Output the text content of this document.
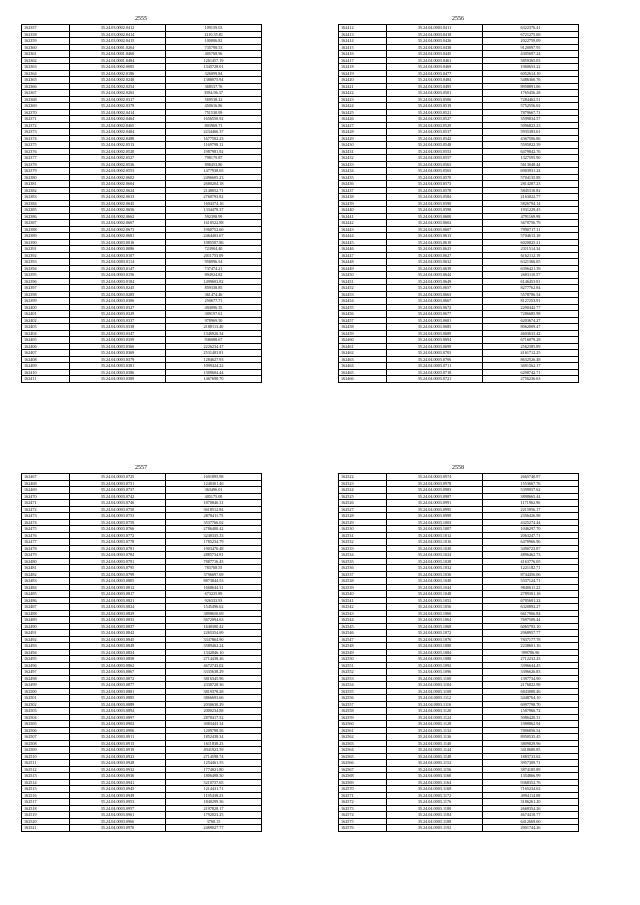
2555
162357	35.24.03.0002.0412	109159.03
162358	35.24.03.0002.0414	1210.35.81
162359	35.24.03.0002.0415	100006.82
162360	35.24.04.0001.0264	735798.53
162361	35.24.04.0001.0460	405768.96
162362	35.24.04.0001.0484	1261457.19
162363	35.24.04.0002.0005	1345728.01
162364	35.24.04.0002.0186	326099.84
162365	35.24.04.0002.0248	1388075.94
162366	35.24.04.0002.0254	368537.76
162367	35.24.04.0002.0263	3584.96.37
162368	35.24.04.0002.0317	569538.22
162369	35.24.04.0002.0379	450616.86
162370	35.24.04.0002.0414	751530.99
162371	35.24.04.0002.0464	1656550.92
162372	35.24.04.0002.0465	803969.71
162373	35.24.04.0002.0484	2234466.37
162374	35.24.04.0002.0488	1677502.23
162375	35.24.04.0002.0513	1169798.12
162376	35.24.04.0002.0520	1987981.92
162377	35.24.04.0002.0527	798179.87
162378	35.24.04.0002.0536	898453.80
162379	35.24.04.0002.0553	1477938.65
162380	35.24.04.0002.0602	2496605.23
162381	35.24.04.0002.0604	2680204.18
162382	35.24.04.0002.0624	2148052.71
162383	35.24.04.0002.0633	2760793.82
162384	35.24.04.0002.0645	1604374.16
162385	35.24.04.0002.0656	1334478.37
162386	35.24.04.0002.0662	592398.99
162387	35.24.04.0002.0667	1610522.88
162388	35.24.04.0002.0673	1960752.60
162389	35.24.04.0002.0681	2464403.67
162390	35.24.04.0003.0016	1985507.86
162391	35.24.04.0003.0086	723904.40
162392	35.24.04.0003.0107	2011753.09
162393	35.24.04.0003.0114	958096.54
162394	35.24.04.0003.0147	737474.21
162395	35.24.04.0003.0156	894924.82
162396	35.24.04.0003.0184	1499603.82
162397	35.24.04.0003.0245	859338.85
162398	35.24.04.0003.0285	361474.46
162399	35.24.04.0003.0306	250677.71
162400	35.24.04.0003.0327	494096.35
162401	35.24.04.0003.0329	309197.61
162402	35.24.04.0003.0337	978969.50
162403	35.24.04.0003.0338	2188113.40
162404	35.24.04.0003.0347	1346926.34
162405	35.24.04.0003.0359	946088.67
162406	35.24.04.0003.0360	2226234.47
162407	35.24.04.0003.0369	2531403.81
162408	35.24.04.0003.0379	1284627.93
162409	35.24.04.0003.0381	1099424.22
162410	35.24.04.0003.0386	1309604.44
162411	35.24.04.0003.0389	1467698.70
2556
162412	35.24.04.0003.0411	6322376.41
162413	35.24.04.0003.0418	6721275.69
162414	35.24.04.0003.0426	2022759.09
162415	35.24.04.0003.0438	9120097.95
162416	35.24.04.0003.0445	4305697.24
162417	35.24.04.0003.0461	5859365.03
162418	35.24.04.0003.0469	1960653.22
162419	35.24.04.0003.0477	6052614.10
162420	35.24.04.0003.0484	5486360.76
162421	35.24.04.0003.0495	8958891.06
162422	35.24.04.0003.0501	1765456.28
162423	35.24.04.0003.0506	7284462.51
162424	35.24.04.0003.0519	5752556.02
162425	35.24.04.0003.0521	7879667.71
162426	35.24.04.0003.0527	3599834.57
162427	35.24.04.0003.0529	5096823.23
162428	35.24.04.0003.0537	5935383.61
162429	35.24.04.0003.0542	4367506.86
162430	35.24.04.0003.0548	5595822.39
162431	35.24.04.0003.0553	6479842.76
162432	35.24.04.0003.0557	1327595.90
162433	35.24.04.0003.0563	5613048.44
162434	35.24.04.0003.0565	6903931.24
162435	35.24.04.0003.0570	5704135.88
162436	35.24.04.0003.0573	2814287.23
162437	35.24.04.0003.0578	5845310.82
162438	35.24.04.0003.0584	2163022.77
162439	35.24.04.0003.0590	5826794.14
162440	35.24.04.0003.0598	1931229.43
162441	35.24.04.0003.0600	4791169.98
162442	35.24.04.0003.0602	3670756.79
162443	35.24.04.0003.0607	7990717.11
162444	35.24.04.0003.0613	5704613.18
162445	35.24.04.0003.0619	6020825.21
162446	35.24.04.0003.0623	2311514.34
162447	35.24.04.0003.0627	6162112.19
162448	35.24.04.0003.0632	6321366.65
162449	35.24.04.0003.0639	6396421.39
162450	35.24.04.0003.0644	2603110.57
162451	35.24.04.0003.0649	6146453.81
162452	35.24.04.0003.0657	8277762.84
162453	35.24.04.0003.0663	5578786.54
162454	35.24.04.0003.0667	8127253.91
162455	35.24.04.0003.0672	2290442.77
162456	35.24.04.0003.0677	7286685.98
162457	35.24.04.0003.0681	6203674.27
162458	35.24.04.0003.0685	8062009.47
162459	35.24.04.0003.0689	4603633.42
162460	35.24.04.0003.0694	6716079.28
162461	35.24.04.0003.0699	2562385.89
162462	35.24.04.0003.0703	4161712.25
162463	35.24.04.0003.0706	8632526.48
162464	35.24.04.0003.0711	3691562.17
162465	35.24.04.0003.0718	6298742.71
162466	35.24.04.0003.0721	2756236.63
2557
162467	35.24.04.0003.0725	1601895.98
162468	35.24.04.0003.0731	1240301.46
162469	35.24.04.0003.0737	363496.01
162470	35.24.04.0003.0742	405175.00
162471	35.24.04.0003.0746	1870846.31
162472	35.24.04.0003.0750	3618512.84
162473	35.24.04.0003.0753	2878411.75
162474	35.24.04.0003.0759	3537766.02
162475	35.24.04.0003.0766	2786400.42
162476	35.24.04.0003.0772	3240335.33
162477	35.24.04.0003.0778	1785234.79
162478	35.24.04.0003.0781	1903476.48
162479	35.24.04.0003.0784	2885734.81
162480	35.24.04.0003.0791	7887716.45
162481	35.24.04.0003.0795	783768.55
162482	35.24.04.0003.0799	3796697.69
162483	35.24.04.0003.0805	8873844.53
162484	35.24.04.0003.0812	1668644.31
162485	35.24.04.0003.0817	673235.89
162486	35.24.04.0003.0821	926333.93
162487	35.24.04.0003.0824	1545496.62
162488	35.24.04.0003.0829	3898650.69
162489	35.24.04.0003.0833	5672094.63
162490	35.24.04.0003.0837	1648300.42
162491	35.24.04.0003.0842	2265354.69
162492	35.24.04.0003.0845	3347864.90
162493	35.24.04.0003.0849	3589462.24
162494	35.24.04.0003.0854	1342846.10
162495	35.24.04.0003.0858	2714438.26
162496	35.24.04.0003.0862	4672743.02
162497	35.24.04.0003.0867	3335638.29
162498	35.24.04.0003.0872	3816345.96
162499	35.24.04.0003.0877	2330728.36
162500	35.24.04.0003.0881	3819378.28
162501	35.24.04.0003.0885	3866693.66
162502	35.24.04.0003.0889	2030630.29
162503	35.24.04.0003.0894	2000234.88
162504	35.24.04.0003.0897	2878417.52
162505	35.24.04.0003.0902	3083443.34
162506	35.24.04.0003.0906	1209790.56
162507	35.24.04.0003.0911	1852438.34
162508	35.24.04.0003.0915	1611838.23
162509	35.24.04.0003.0919	4941923.59
162510	35.24.04.0003.0923	2714598.74
162511	35.24.04.0003.0928	1254461.55
162512	35.24.04.0003.0932	1774021.80
162513	35.24.04.0003.0936	1806498.50
162514	35.24.04.0003.0941	5210757.65
162515	35.24.04.0003.0945	1214431.71
162516	35.24.04.0003.0949	1195438.23
162517	35.24.04.0003.0953	1840299.36
162518	35.24.04.0003.0957	2197828.17
162519	35.24.04.0003.0961	1792023.25
162520	35.24.04.0003.0966	3768.15
162521	35.24.04.0003.0970	2489027.77
2558
162522	35.24.04.0003.0974	2665740.97
162523	35.24.04.0003.0978	1553667.76
162524	35.24.04.0003.0983	5399937.62
162525	35.24.04.0003.0987	3898665.44
162526	35.24.04.0003.0991	1171962.96
162527	35.24.04.0003.0995	2215956.17
162528	35.24.04.0003.0999	2356426.98
162529	35.24.04.0003.1003	4325274.44
162530	35.24.04.0003.1007	1046297.70
162531	35.24.04.0003.1012	2063247.71
162532	35.24.04.0003.1016	6478966.96
162533	35.24.04.0003.1020	3490723.87
162534	35.24.04.0003.1024	4896462.73
162535	35.24.04.0003.1028	4163776.05
162536	35.24.04.0003.1032	1221182.71
162537	35.24.04.0003.1036	8744456.06
162538	35.24.04.0003.1040	5337124.71
162539	35.24.04.0003.1044	9840611.22
162540	35.24.04.0003.1048	2789301.16
162541	35.24.04.0003.1052	6705601.22
162542	35.24.04.0003.1056	6320892.27
162543	35.24.04.0003.1060	6617966.84
162544	35.24.04.0003.1064	7697500.44
162545	35.24.04.0003.1068	6065793.10
162546	35.24.04.0003.1072	2968957.77
162547	35.24.04.0003.1076	7837177.78
162548	35.24.04.0003.1080	2238601.16
162549	35.24.04.0003.1084	999786.96
162550	35.24.04.0003.1088	2712232.43
162551	35.24.04.0003.1092	3396644.45
162552	35.24.04.0003.1096	3396626.83
162553	35.24.04.0003.1100	1397734.90
162554	35.24.04.0003.1104	2176822.98
162555	35.24.04.0003.1108	6843080.46
162556	35.24.04.0003.1112	3448764.10
162557	35.24.04.0003.1116	6997798.70
162558	35.24.04.0003.1120	1587966.72
162559	35.24.04.0003.1124	5086420.31
162560	35.24.04.0003.1128	1988862.94
162561	35.24.04.0003.1132	7806856.54
162562	35.24.04.0003.1136	8950535.45
162563	35.24.04.0003.1140	3809829.96
162564	35.24.04.0003.1144	3418680.85
162565	35.24.04.0003.1148	1883733.62
162566	35.24.04.0003.1152	3957309.71
162567	35.24.04.0003.1156	3874185.89
162568	35.24.04.0003.1160	1354866.99
162569	35.24.04.0003.1164	9368352.76
162570	35.24.04.0003.1168	7165234.62
162571	35.24.04.0003.1172	4994114.08
162572	35.24.04.0003.1176	3186261.20
162573	35.24.04.0003.1180	2668354.26
162574	35.24.04.0003.1184	4674410.77
162575	35.24.04.0003.1188	6412669.60
162576	35.24.04.0003.1192	2901744.26
